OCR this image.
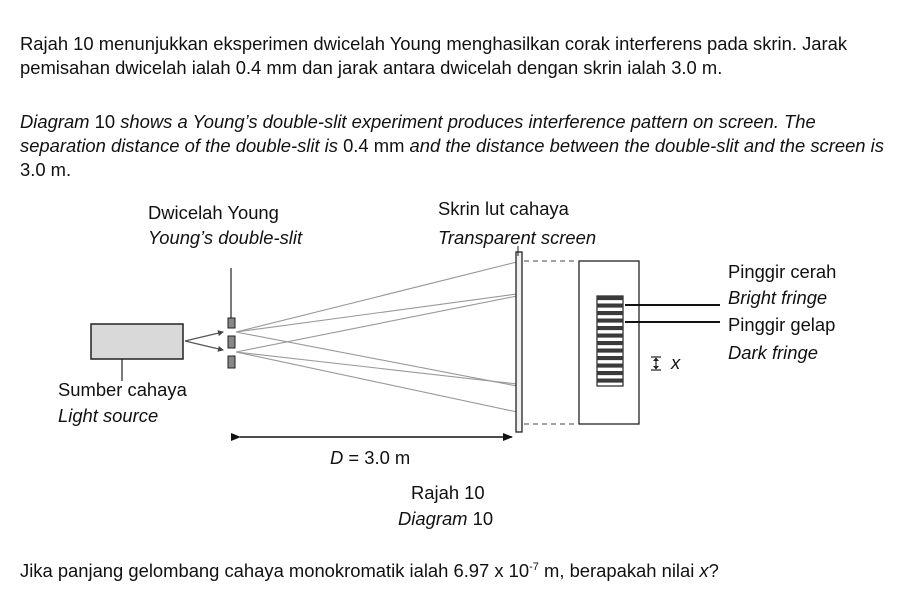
Rajah 10 menunjukkan eksperimen dwicelah Young menghasilkan corak interferens pada skrin. Jarak pemisahan dwicelah ialah 0.4 mm dan jarak antara dwicelah dengan skrin ialah 3.0 m.
Diagram 10 shows a Young’s double-slit experiment produces interference pattern on screen. The separation distance of the double-slit is 0.4 mm and the distance between the double-slit and the screen is 3.0 m.
Dwicelah Young
Young’s double-slit
Skrin lut cahaya
Transparent screen
Sumber cahaya
Light source
Pinggir cerah
Bright fringe
Pinggir gelap
Dark fringe
x
D = 3.0 m
Rajah 10
Diagram 10
Jika panjang gelombang cahaya monokromatik ialah 6.97 x $10^{-7}$ m, berapakah nilai x?
